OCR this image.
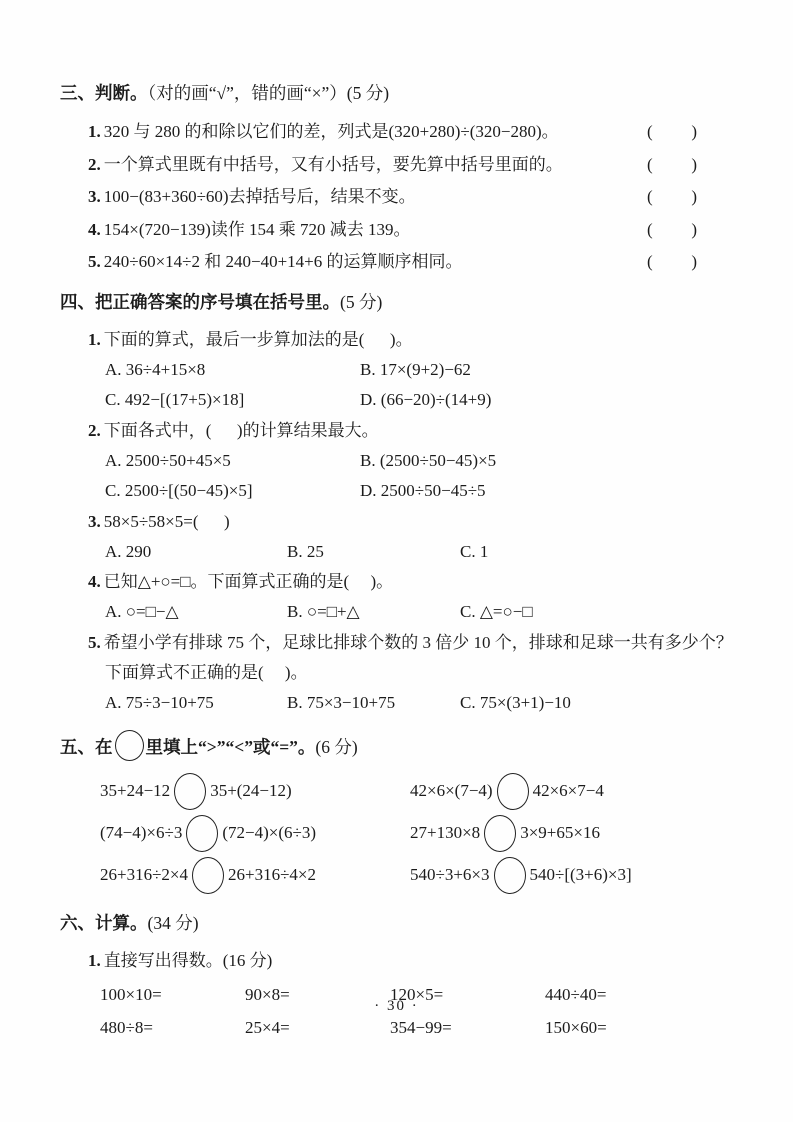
三、判断。（对的画“√”，错的画“×”）(5 分)
1. 320 与 280 的和除以它们的差，列式是(320+280)÷(320−280)。	( )
2. 一个算式里既有中括号，又有小括号，要先算中括号里面的。	( )
3. 100−(83+360÷60)去掉括号后，结果不变。	( )
4. 154×(720−139)读作 154 乘 720 减去 139。	( )
5. 240÷60×14÷2 和 240−40+14+6 的运算顺序相同。	( )
四、把正确答案的序号填在括号里。(5 分)
1. 下面的算式，最后一步算加法的是(      )。
A. 36÷4+15×8	B. 17×(9+2)−62
C. 492−[(17+5)×18]	D. (66−20)÷(14+9)
2. 下面各式中，(      )的计算结果最大。
A. 2500÷50+45×5	B. (2500÷50−45)×5
C. 2500÷[(50−45)×5]	D. 2500÷50−45÷5
3. 58×5÷58×5=(      )
A. 290	B. 25	C. 1
4. 已知△+○=□。下面算式正确的是(     )。
A. ○=□−△	B. ○=□+△	C. △=○−□
5. 希望小学有排球 75 个，足球比排球个数的 3 倍少 10 个，排球和足球一共有多少个？下面算式不正确的是(     )。
A. 75÷3−10+75	B. 75×3−10+75	C. 75×(3+1)−10
五、在 里填上“>”“<”或“=”。(6 分)
35+24−12 35+(24−12)	42×6×(7−4) 42×6×7−4
(74−4)×6÷3 (72−4)×(6÷3)	27+130×8 3×9+65×16
26+316÷2×4 26+316÷4×2	540÷3+6×3 540÷[(3+6)×3]
六、计算。(34 分)
1. 直接写出得数。(16 分)
100×10=	90×8=	120×5=	440÷40=
480÷8=	25×4=	354−99=	150×60=
· 30 ·
